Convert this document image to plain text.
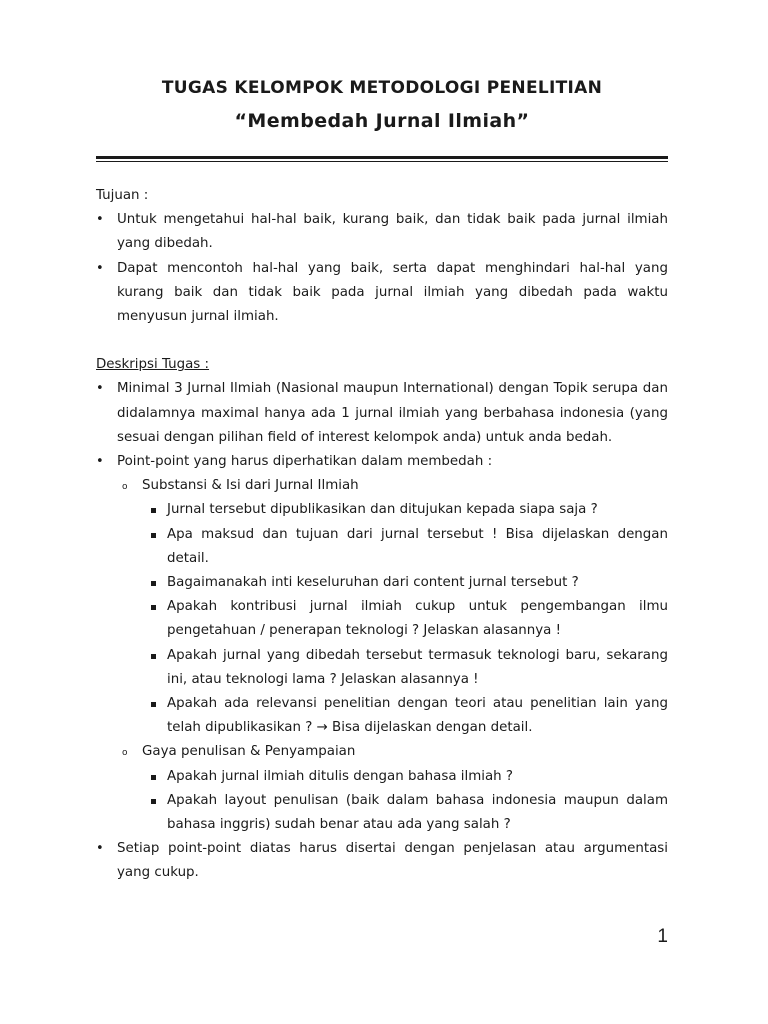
TUGAS KELOMPOK METODOLOGI PENELITIAN
“Membedah Jurnal Ilmiah”

Tujuan :

• Untuk mengetahui hal-hal baik, kurang baik, dan tidak baik pada jurnal ilmiah yang dibedah.
• Dapat mencontoh hal-hal yang baik, serta dapat menghindari hal-hal yang kurang baik dan tidak baik pada jurnal ilmiah yang dibedah pada waktu menyusun jurnal ilmiah.

Deskripsi Tugas :

• Minimal 3 Jurnal Ilmiah (Nasional maupun International) dengan Topik serupa dan didalamnya maximal hanya ada 1 jurnal ilmiah yang berbahasa indonesia (yang sesuai dengan pilihan field of interest kelompok anda) untuk anda bedah.
• Point-point yang harus diperhatikan dalam membedah :
o Substansi & Isi dari Jurnal Ilmiah
Jurnal tersebut dipublikasikan dan ditujukan kepada siapa saja ?
Apa maksud dan tujuan dari jurnal tersebut ! Bisa dijelaskan dengan detail.
Bagaimanakah inti keseluruhan dari content jurnal tersebut ?
Apakah kontribusi jurnal ilmiah cukup untuk pengembangan ilmu pengetahuan / penerapan teknologi ? Jelaskan alasannya !
Apakah jurnal yang dibedah tersebut termasuk teknologi baru, sekarang ini, atau teknologi lama ? Jelaskan alasannya !
Apakah ada relevansi penelitian dengan teori atau penelitian lain yang telah dipublikasikan ? → Bisa dijelaskan dengan detail.
o Gaya penulisan & Penyampaian
Apakah jurnal ilmiah ditulis dengan bahasa ilmiah ?
Apakah layout penulisan (baik dalam bahasa indonesia maupun dalam bahasa inggris) sudah benar atau ada yang salah ?
• Setiap point-point diatas harus disertai dengan penjelasan atau argumentasi yang cukup.
1
